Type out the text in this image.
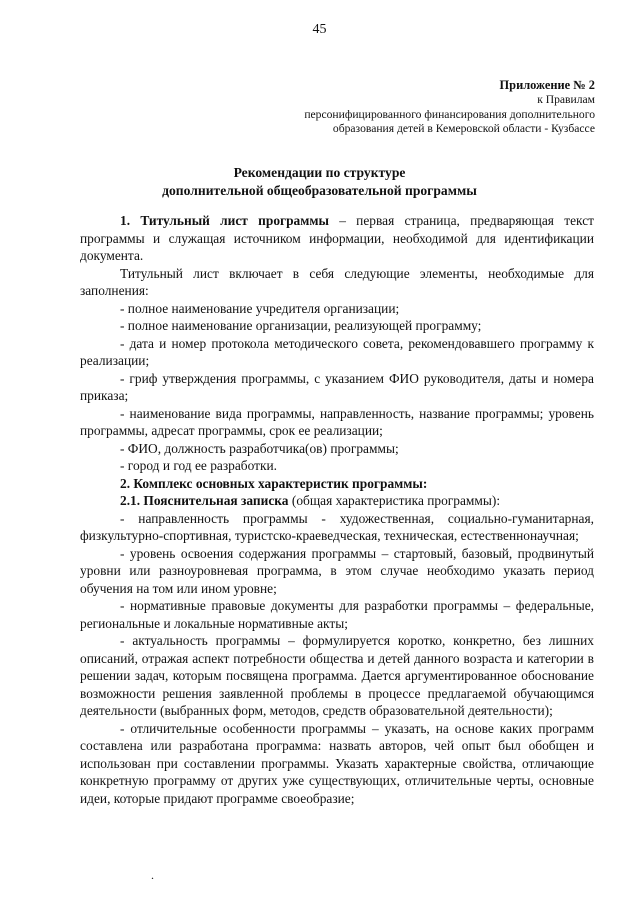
45
Приложение № 2
к Правилам
персонифицированного финансирования дополнительного
образования детей в Кемеровской области - Кузбассе
Рекомендации по структуре
дополнительной общеобразовательной программы

1. Титульный лист программы – первая страница, предваряющая текст программы и служащая источником информации, необходимой для идентификации документа.

Титульный лист включает в себя следующие элементы, необходимые для заполнения:

- полное наименование учредителя организации;

- полное наименование организации, реализующей программу;

- дата и номер протокола методического совета, рекомендовавшего программу к реализации;

- гриф утверждения программы, с указанием ФИО руководителя, даты и номера приказа;

- наименование вида программы, направленность, название программы; уровень программы, адресат программы, срок ее реализации;

- ФИО, должность разработчика(ов) программы;

- город и год ее разработки.

2. Комплекс основных характеристик программы:

2.1. Пояснительная записка (общая характеристика программы):

- направленность программы - художественная, социально-гуманитарная, физкультурно-спортивная, туристско-краеведческая, техническая, естественнонаучная;

- уровень освоения содержания программы – стартовый, базовый, продвинутый уровни или разноуровневая программа, в этом случае необходимо указать период обучения на том или ином уровне;

- нормативные правовые документы для разработки программы – федеральные, региональные и локальные нормативные акты;

- актуальность программы – формулируется коротко, конкретно, без лишних описаний, отражая аспект потребности общества и детей данного возраста и категории в решении задач, которым посвящена программа. Дается аргументированное обоснование возможности решения заявленной проблемы в процессе предлагаемой обучающимся деятельности (выбранных форм, методов, средств образовательной деятельности);

- отличительные особенности программы – указать, на основе каких программ составлена или разработана программа: назвать авторов, чей опыт был обобщен и использован при составлении программы. Указать характерные свойства, отличающие конкретную программу от других уже существующих, отличительные черты, основные идеи, которые придают программе своеобразие;

.
